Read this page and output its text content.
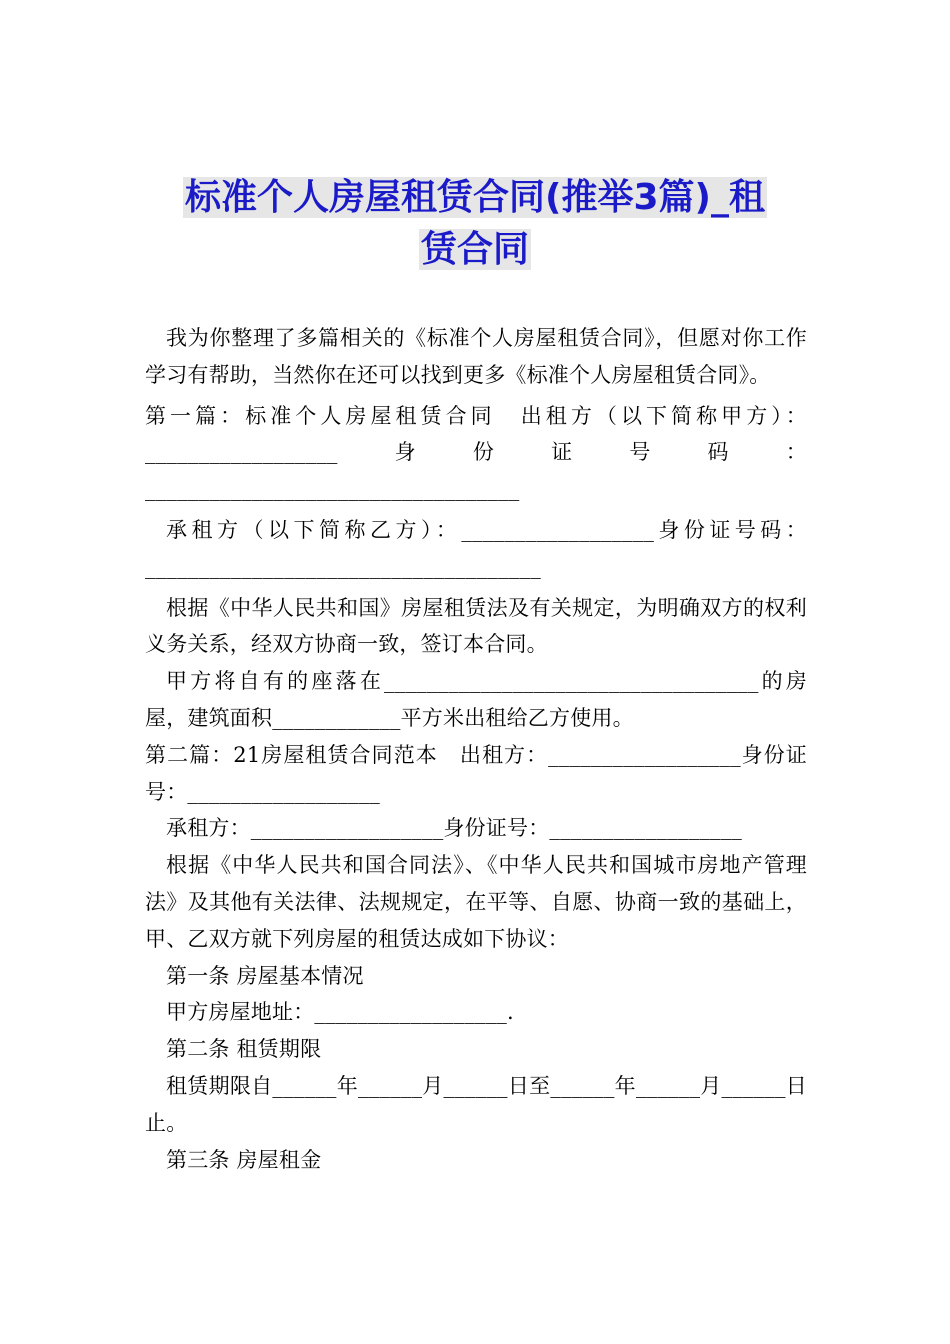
标准个人房屋租赁合同(推举3篇)_租
赁合同

我为你整理了多篇相关的《标准个人房屋租赁合同》，但愿对你工作学习有帮助，当然你在还可以找到更多《标准个人房屋租赁合同》。

第一篇：标准个人房屋租赁合同　出租方（以下简称甲方）：__________________身份证号码：___________________________________

承租方（以下简称乙方）：__________________身份证号码：_____________________________________

根据《中华人民共和国》房屋租赁法及有关规定，为明确双方的权利义务关系，经双方协商一致，签订本合同。

甲方将自有的座落在___________________________________的房屋，建筑面积____________平方米出租给乙方使用。

第二篇：21房屋租赁合同范本　出租方：__________________身份证号：__________________

承租方：__________________身份证号：__________________

根据《中华人民共和国合同法》、《中华人民共和国城市房地产管理法》及其他有关法律、法规规定，在平等、自愿、协商一致的基础上，甲、乙双方就下列房屋的租赁达成如下协议：

第一条 房屋基本情况

甲方房屋地址：__________________.

第二条 租赁期限

租赁期限自______年______月______日至______年______月______日止。

第三条 房屋租金
